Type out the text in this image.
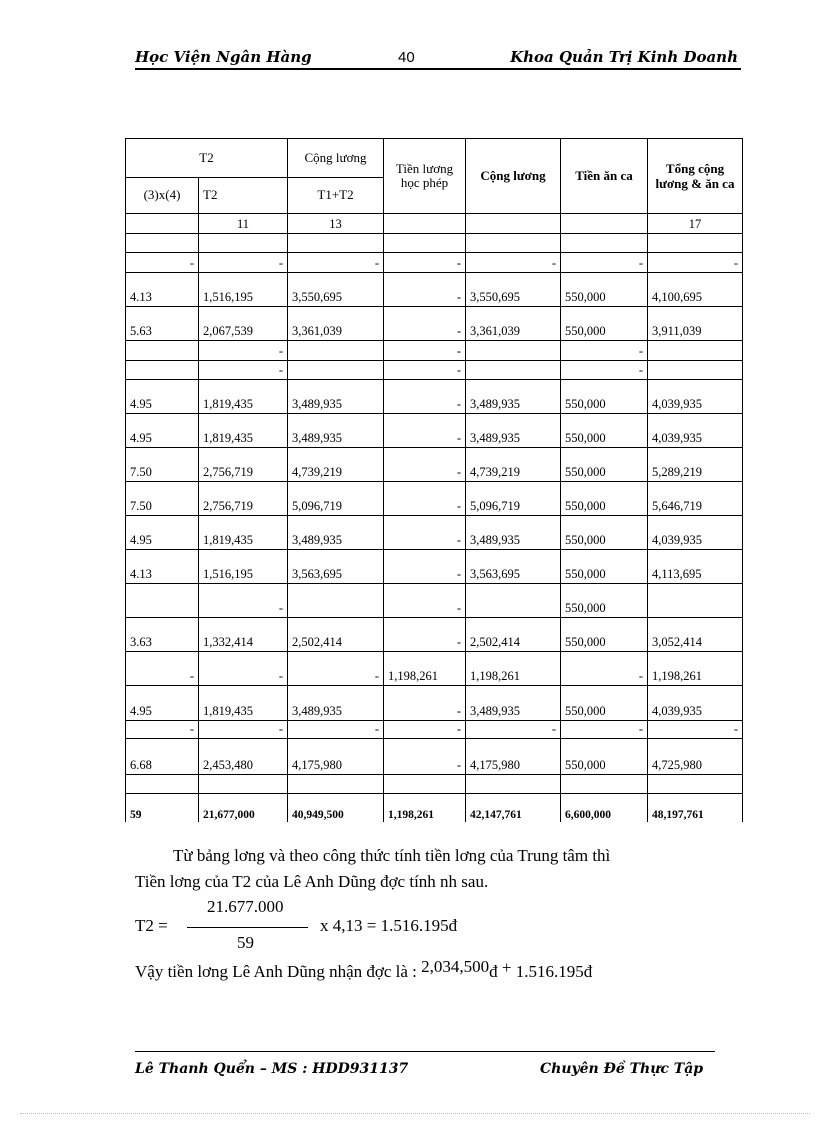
Học Viện Ngân Hàng	40	Khoa Quản Trị Kinh Doanh
T2		Cộng lương	Tiền lương học phép	Cộng lương	Tiền ăn ca	Tổng cộng lương & ăn ca
(3)x(4)	T2	T1+T2				
	11	13				17

-	-	-	-	-	-	-
4.13	1,516,195	3,550,695	-	3,550,695	550,000	4,100,695
5.63	2,067,539	3,361,039	-	3,361,039	550,000	3,911,039
	-		-		-	
	-		-		-	
4.95	1,819,435	3,489,935	-	3,489,935	550,000	4,039,935
4.95	1,819,435	3,489,935	-	3,489,935	550,000	4,039,935
7.50	2,756,719	4,739,219	-	4,739,219	550,000	5,289,219
7.50	2,756,719	5,096,719	-	5,096,719	550,000	5,646,719
4.95	1,819,435	3,489,935	-	3,489,935	550,000	4,039,935
4.13	1,516,195	3,563,695	-	3,563,695	550,000	4,113,695
	-		-		550,000	
3.63	1,332,414	2,502,414	-	2,502,414	550,000	3,052,414
-	-	-	1,198,261	1,198,261	-	1,198,261
4.95	1,819,435	3,489,935	-	3,489,935	550,000	4,039,935
-	-	-	-	-	-	-
6.68	2,453,480	4,175,980	-	4,175,980	550,000	4,725,980

59	21,677,000	40,949,500	1,198,261	42,147,761	6,600,000	48,197,761
Từ bảng lơng và theo công thức tính tiền lơng của Trung tâm thì
Tiền lơng của T2 của Lê Anh Dũng đợc tính nh sau.
21.677.000
T2 =	x 4,13 = 1.516.195đ
59
Vậy tiền lơng Lê Anh Dũng nhận đợc là : 2,034,500đ + 1.516.195đ
Lê Thanh Quển – MS : HDD931137	Chuyên Đề Thực Tập
